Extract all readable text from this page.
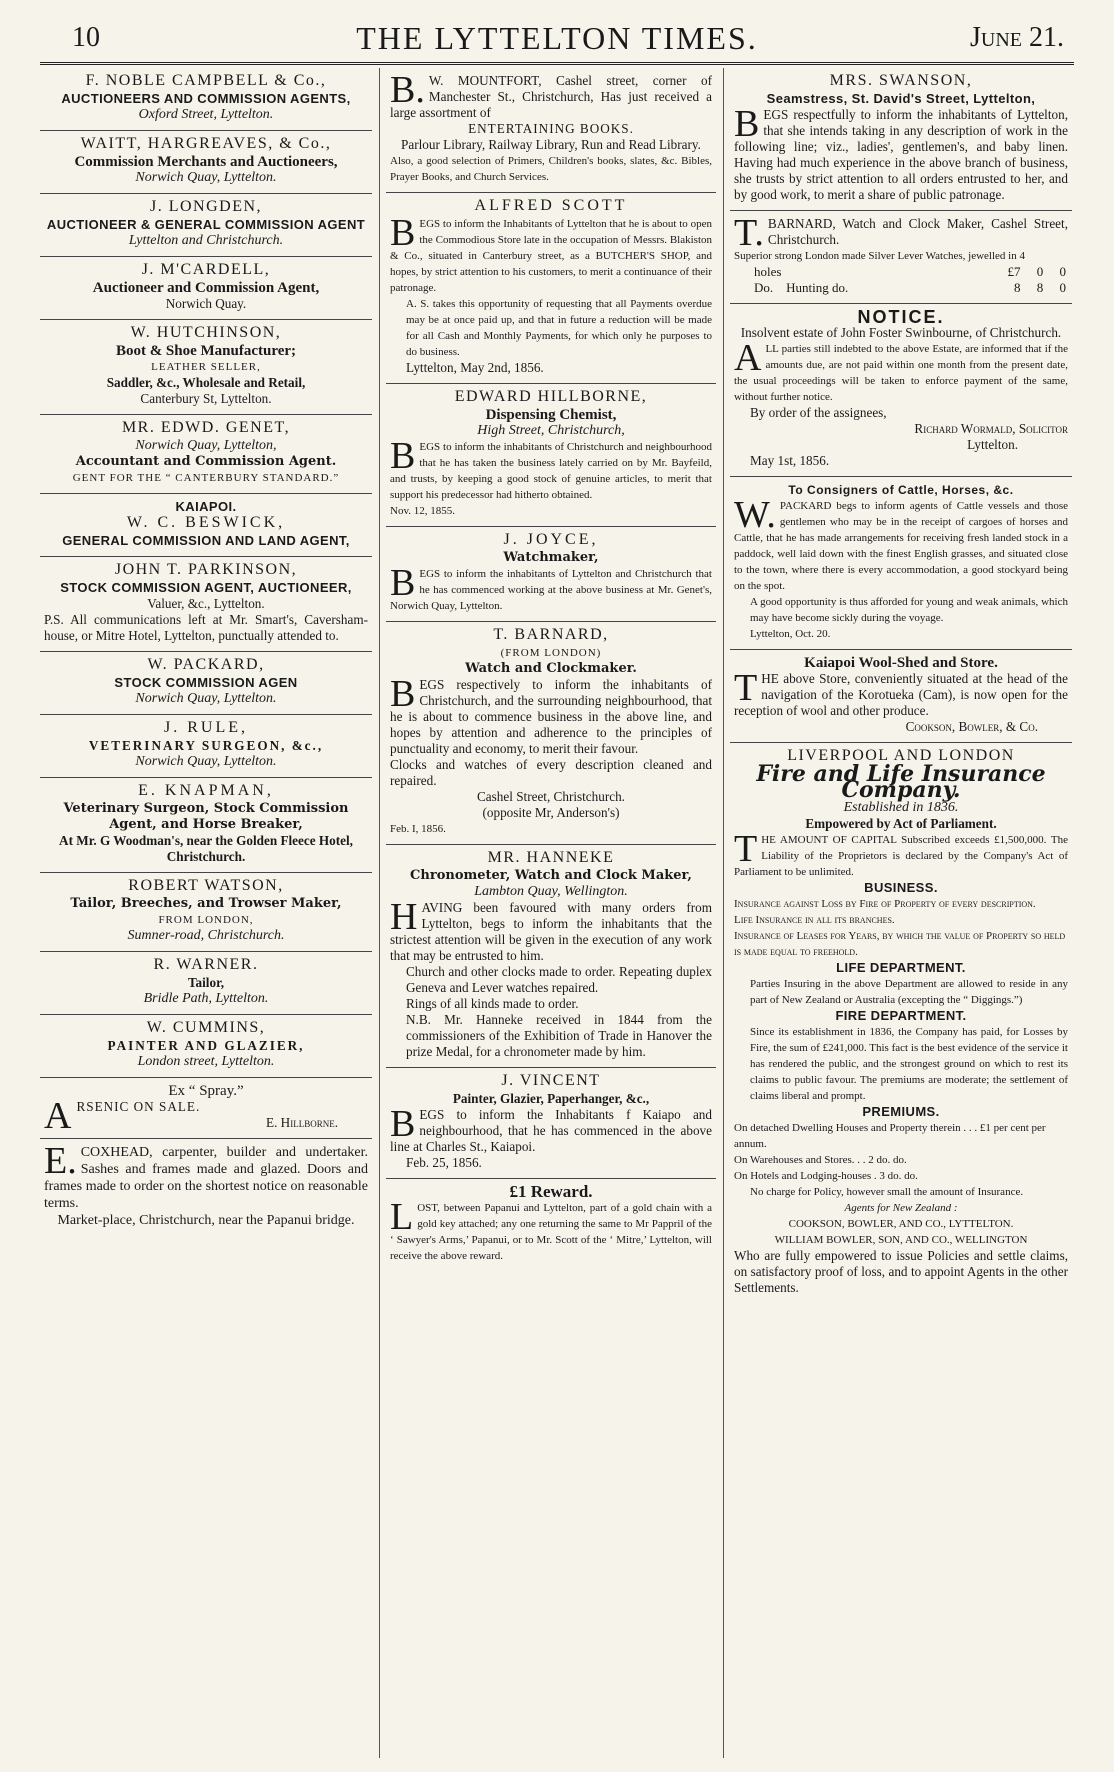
10	THE LYTTELTON TIMES.	June 21.
F. NOBLE CAMPBELL & Co.,
AUCTIONEERS AND COMMISSION AGENTS,
Oxford Street, Lyttelton.
WAITT, HARGREAVES, & Co.,
Commission Merchants and Auctioneers,
Norwich Quay, Lyttelton.
J. LONGDEN,
AUCTIONEER & GENERAL COMMISSION AGENT
Lyttelton and Christchurch.
J. M'CARDELL,
Auctioneer and Commission Agent,
Norwich Quay.
W. HUTCHINSON,
Boot & Shoe Manufacturer;
LEATHER SELLER,
Saddler, &c., Wholesale and Retail,
Canterbury St, Lyttelton.
MR. EDWD. GENET,
Norwich Quay, Lyttelton,
Accountant and Commission Agent.
GENT FOR THE “ CANTERBURY STANDARD.”
KAIAPOI.
W. C. BESWICK,
GENERAL COMMISSION AND LAND AGENT,
JOHN T. PARKINSON,
STOCK COMMISSION AGENT, AUCTIONEER,
Valuer, &c., Lyttelton.
P.S. All communications left at Mr. Smart's, Caversham-house, or Mitre Hotel, Lyttelton, punctually attended to.
W. PACKARD,
STOCK COMMISSION AGEN
Norwich Quay, Lyttelton.
J. RULE,
VETERINARY SURGEON, &c.,
Norwich Quay, Lyttelton.
E. KNAPMAN,
Veterinary Surgeon, Stock Commission Agent, and Horse Breaker,
At Mr. G Woodman's, near the Golden Fleece Hotel, Christchurch.
ROBERT WATSON,
Tailor, Breeches, and Trowser Maker,
FROM LONDON,
Sumner-road, Christchurch.
R. WARNER.
Tailor,
Bridle Path, Lyttelton.
W. CUMMINS,
PAINTER AND GLAZIER,
London street, Lyttelton.
Ex “ Spray.”
ARSENIC ON SALE.
E. Hillborne.
E.COXHEAD, carpenter, builder and undertaker. Sashes and frames made and glazed. Doors and frames made to order on the shortest notice on reasonable terms.
Market-place, Christchurch, near the Papanui bridge.
B.W. MOUNTFORT, Cashel street, corner of Manchester St., Christchurch, Has just received a large assortment of
ENTERTAINING BOOKS.
Parlour Library, Railway Library, Run and Read Library.
Also, a good selection of Primers, Children's books, slates, &c. Bibles, Prayer Books, and Church Services.
ALFRED SCOTT
BEGS to inform the Inhabitants of Lyttelton that he is about to open the Commodious Store late in the occupation of Messrs. Blakiston & Co., situated in Canterbury street, as a BUTCHER'S SHOP, and hopes, by strict attention to his customers, to merit a continuance of their patronage.
A. S. takes this opportunity of requesting that all Payments overdue may be at once paid up, and that in future a reduction will be made for all Cash and Monthly Payments, for which only he purposes to do business.
Lyttelton, May 2nd, 1856.
EDWARD HILLBORNE,
Dispensing Chemist,
High Street, Christchurch,
BEGS to inform the inhabitants of Christchurch and neighbourhood that he has taken the business lately carried on by Mr. Bayfeild, and trusts, by keeping a good stock of genuine articles, to merit that support his predecessor had hitherto obtained.
Nov. 12, 1855.
J. JOYCE,
Watchmaker,
BEGS to inform the inhabitants of Lyttelton and Christchurch that he has commenced working at the above business at Mr. Genet's, Norwich Quay, Lyttelton.
T. BARNARD,
(FROM LONDON)
Watch and Clockmaker.
BEGS respectively to inform the inhabitants of Christchurch, and the surrounding neighbourhood, that he is about to commence business in the above line, and hopes by attention and adherence to the principles of punctuality and economy, to merit their favour.
Clocks and watches of every description cleaned and repaired.
Cashel Street, Christchurch.
(opposite Mr, Anderson's)
Feb. I, 1856.
MR. HANNEKE
Chronometer, Watch and Clock Maker,
Lambton Quay, Wellington.
HAVING been favoured with many orders from Lyttelton, begs to inform the inhabitants that the strictest attention will be given in the execution of any work that may be entrusted to him.
Church and other clocks made to order. Repeating duplex Geneva and Lever watches repaired.
Rings of all kinds made to order.
N.B. Mr. Hanneke received in 1844 from the commissioners of the Exhibition of Trade in Hanover the prize Medal, for a chronometer made by him.
J. VINCENT
Painter, Glazier, Paperhanger, &c.,
BEGS to inform the Inhabitants f Kaiapo and neighbourhood, that he has commenced in the above line at Charles St., Kaiapoi.
Feb. 25, 1856.
£1 Reward.
LOST, between Papanui and Lyttelton, part of a gold chain with a gold key attached; any one returning the same to Mr Pappril of the ‘ Sawyer's Arms,’ Papanui, or to Mr. Scott of the ‘ Mitre,’ Lyttelton, will receive the above reward.
MRS. SWANSON,
Seamstress, St. David's Street, Lyttelton,
BEGS respectfully to inform the inhabitants of Lyttelton, that she intends taking in any description of work in the following line; viz., ladies', gentlemen's, and baby linen. Having had much experience in the above branch of business, she trusts by strict attention to all orders entrusted to her, and by good work, to merit a share of public patronage.
T.BARNARD, Watch and Clock Maker, Cashel Street, Christchurch.
Superior strong London made Silver Lever Watches, jewelled in 4
holes	£7	0	0
Do.    Hunting do.	8	8	0
NOTICE.
Insolvent estate of John Foster Swinbourne, of Christchurch.
ALL parties still indebted to the above Estate, are informed that if the amounts due, are not paid within one month from the present date, the usual proceedings will be taken to enforce payment of the same, without further notice.
By order of the assignees,
Richard Wormald, Solicitor
Lyttelton.
May 1st, 1856.
To Consigners of Cattle, Horses, &c.
W.PACKARD begs to inform agents of Cattle vessels and those gentlemen who may be in the receipt of cargoes of horses and Cattle, that he has made arrangements for receiving fresh landed stock in a paddock, well laid down with the finest English grasses, and situated close to the town, where there is every accommodation, a good stockyard being on the spot.
A good opportunity is thus afforded for young and weak animals, which may have become sickly during the voyage.
Lyttelton, Oct. 20.
Kaiapoi Wool-Shed and Store.
THE above Store, conveniently situated at the head of the navigation of the Korotueka (Cam), is now open for the reception of wool and other produce.
Cookson, Bowler, & Co.
LIVERPOOL AND LONDON
Fire and Life Insurance Company.
Established in 1836.
Empowered by Act of Parliament.
THE AMOUNT OF CAPITAL Subscribed exceeds £1,500,000. The Liability of the Proprietors is declared by the Company's Act of Parliament to be unlimited.
BUSINESS.
Insurance against Loss by Fire of Property of every description.
Life Insurance in all its branches.
Insurance of Leases for Years, by which the value of Property so held is made equal to freehold.
LIFE DEPARTMENT.
Parties Insuring in the above Department are allowed to reside in any part of New Zealand or Australia (excepting the “ Diggings.”)
FIRE DEPARTMENT.
Since its establishment in 1836, the Company has paid, for Losses by Fire, the sum of £241,000. This fact is the best evidence of the service it has rendered the public, and the strongest ground on which to rest its claims to public favour. The premiums are moderate; the settlement of claims liberal and prompt.
PREMIUMS.
On detached Dwelling Houses and Property therein . . . £1 per cent per annum.
On Warehouses and Stores. . . 2 do. do.
On Hotels and Lodging-houses . 3 do. do.
No charge for Policy, however small the amount of Insurance.
Agents for New Zealand :
COOKSON, BOWLER, AND CO., LYTTELTON.
WILLIAM BOWLER, SON, AND CO., WELLINGTON
Who are fully empowered to issue Policies and settle claims, on satisfactory proof of loss, and to appoint Agents in the other Settlements.
